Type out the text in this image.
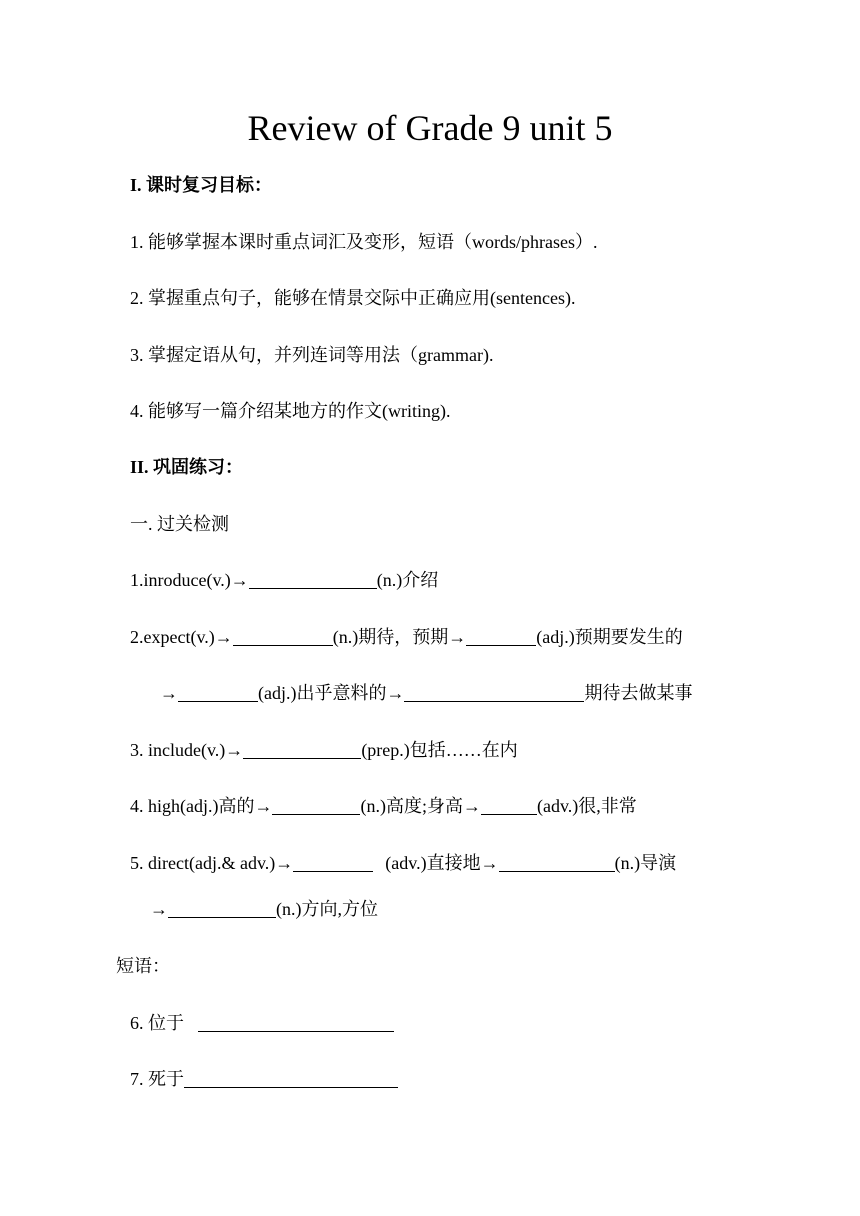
Review of Grade 9 unit 5
I. 课时复习目标：
1. 能够掌握本课时重点词汇及变形，短语（words/phrases）.
2. 掌握重点句子，能够在情景交际中正确应用(sentences).
3. 掌握定语从句，并列连词等用法（grammar).
4. 能够写一篇介绍某地方的作文(writing).
II. 巩固练习：
一. 过关检测
1.inroduce(v.)→	(n.)介绍
2.expect(v.)→	(n.)期待，预期→	(adj.)预期要发生的
→	(adj.)出乎意料的→	期待去做某事
3. include(v.)→	(prep.)包括……在内
4. high(adj.)高的→	(n.)高度;身高→	(adv.)很,非常
5. direct(adj.& adv.)→	(adv.)直接地→	(n.)导演
→	(n.)方向,方位
短语：
6. 位于
7. 死于
